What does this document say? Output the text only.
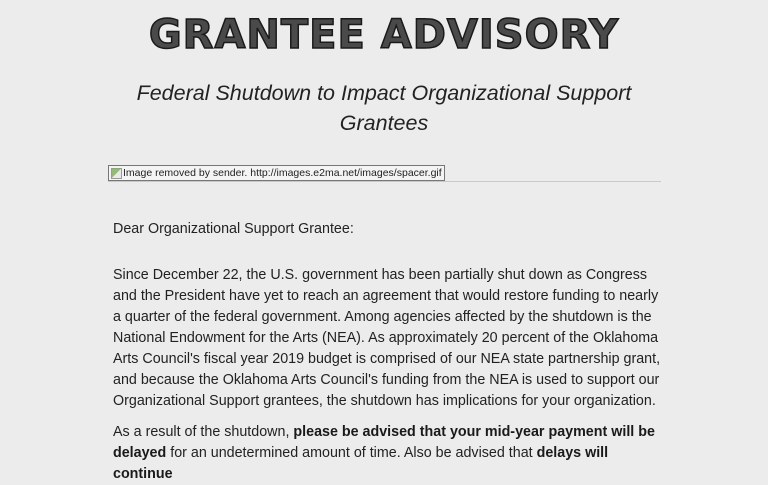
GRANTEE ADVISORY
Federal Shutdown to Impact Organizational Support Grantees
Image removed by sender. http://images.e2ma.net/images/spacer.gif
Dear Organizational Support Grantee:
Since December 22, the U.S. government has been partially shut down as Congress and the President have yet to reach an agreement that would restore funding to nearly a quarter of the federal government. Among agencies affected by the shutdown is the National Endowment for the Arts (NEA). As approximately 20 percent of the Oklahoma Arts Council's fiscal year 2019 budget is comprised of our NEA state partnership grant, and because the Oklahoma Arts Council's funding from the NEA is used to support our Organizational Support grantees, the shutdown has implications for your organization.
As a result of the shutdown, please be advised that your mid-year payment will be delayed for an undetermined amount of time. Also be advised that delays will continue
